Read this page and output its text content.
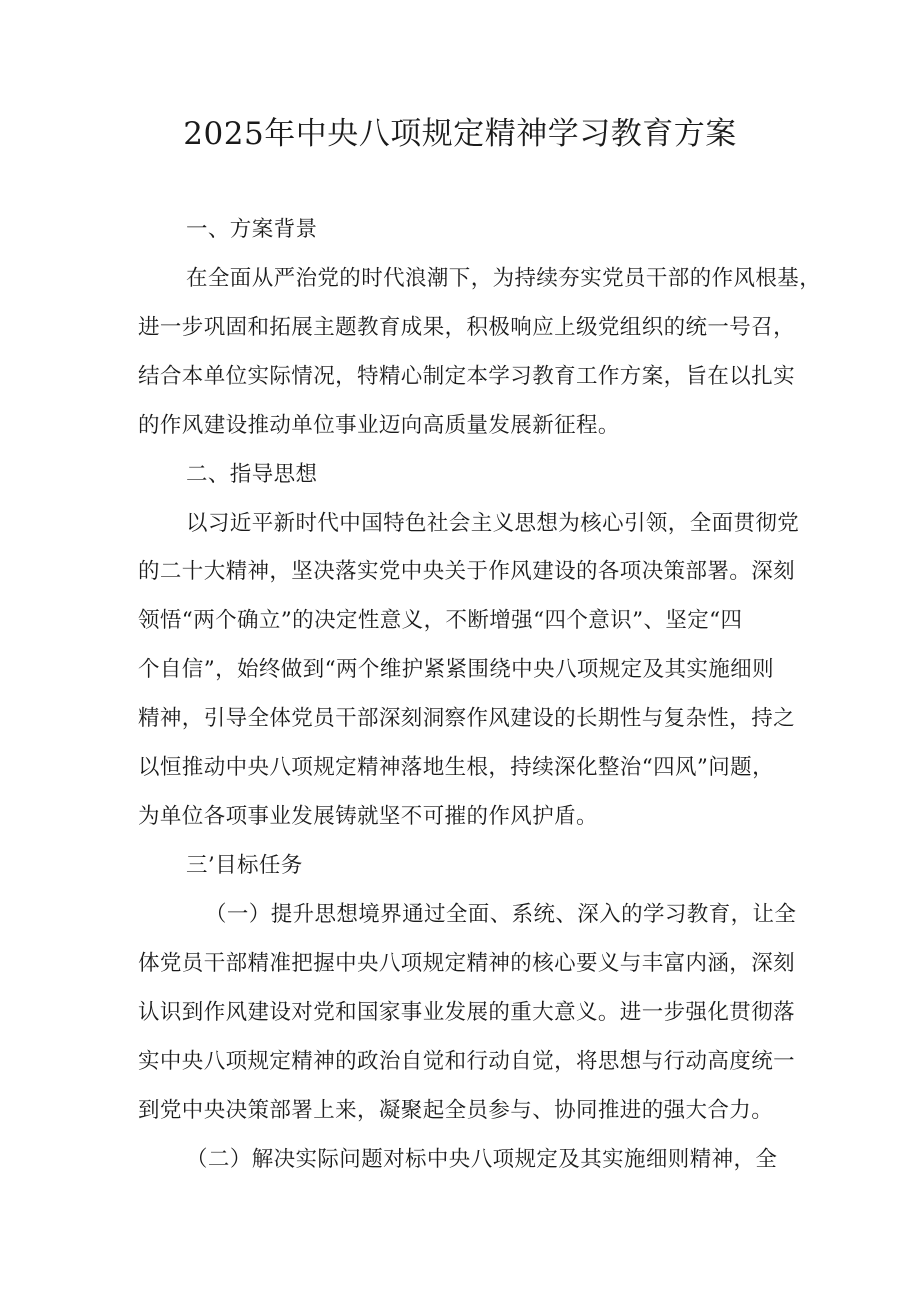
2025年中央八项规定精神学习教育方案
一、方案背景
在全面从严治党的时代浪潮下，为持续夯实党员干部的作风根基，
进一步巩固和拓展主题教育成果，积极响应上级党组织的统一号召，
结合本单位实际情况，特精心制定本学习教育工作方案，旨在以扎实
的作风建设推动单位事业迈向高质量发展新征程。
二、指导思想
以习近平新时代中国特色社会主义思想为核心引领，全面贯彻党
的二十大精神，坚决落实党中央关于作风建设的各项决策部署。深刻
领悟“两个确立”的决定性意义，不断增强“四个意识”、坚定“四
个自信”，始终做到“两个维护紧紧围绕中央八项规定及其实施细则
精神，引导全体党员干部深刻洞察作风建设的长期性与复杂性，持之
以恒推动中央八项规定精神落地生根，持续深化整治“四风”问题，
为单位各项事业发展铸就坚不可摧的作风护盾。
三’目标任务
（一）提升思想境界通过全面、系统、深入的学习教育，让全
体党员干部精准把握中央八项规定精神的核心要义与丰富内涵，深刻
认识到作风建设对党和国家事业发展的重大意义。进一步强化贯彻落
实中央八项规定精神的政治自觉和行动自觉，将思想与行动高度统一
到党中央决策部署上来，凝聚起全员参与、协同推进的强大合力。
（二）解决实际问题对标中央八项规定及其实施细则精神，全
